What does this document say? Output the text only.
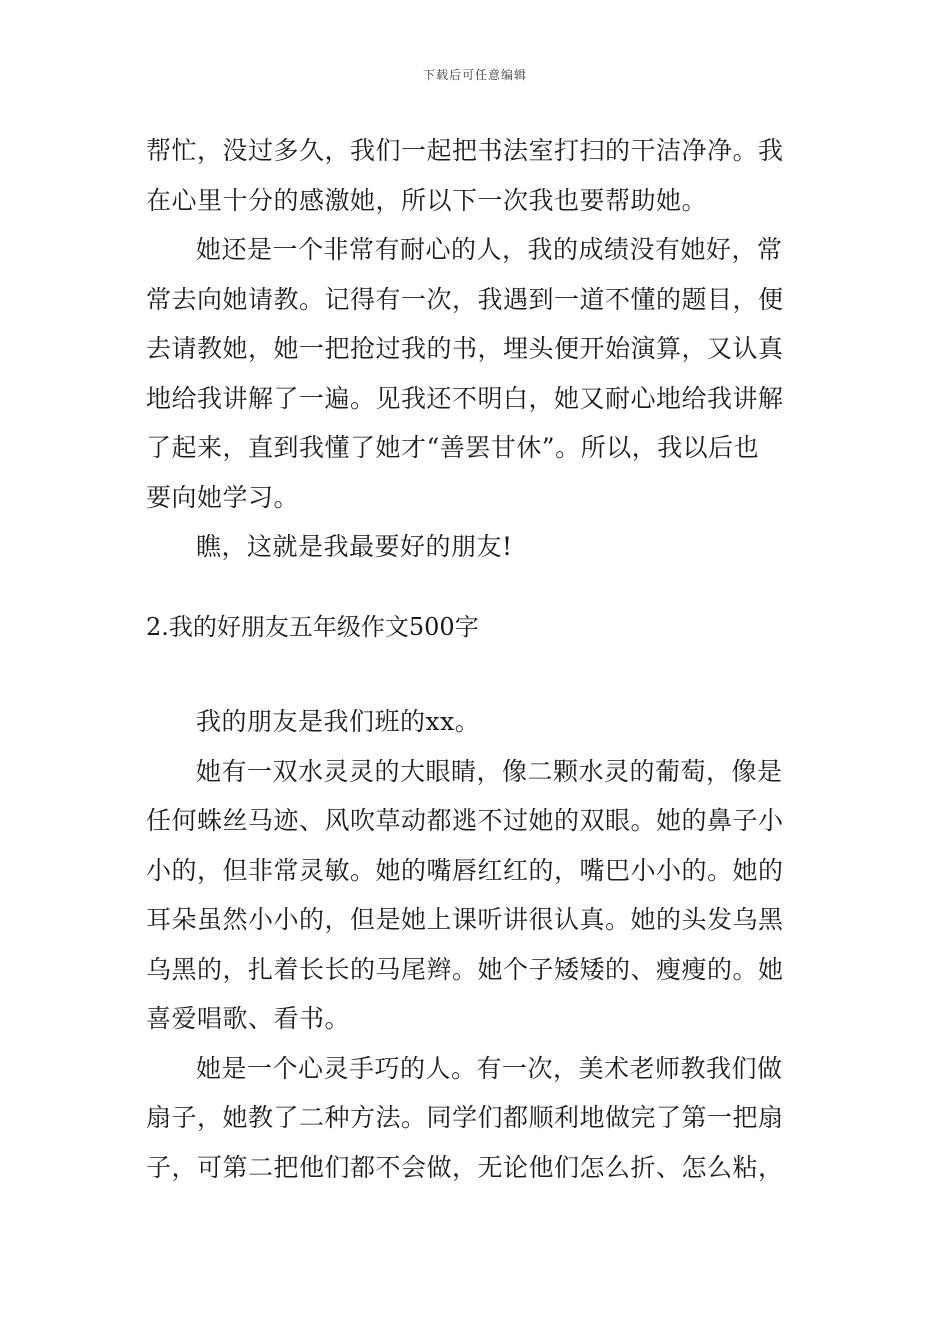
下载后可任意编辑
帮忙，没过多久，我们一起把书法室打扫的干洁净净。我
在心里十分的感激她，所以下一次我也要帮助她。
她还是一个非常有耐心的人，我的成绩没有她好，常
常去向她请教。记得有一次，我遇到一道不懂的题目，便
去请教她，她一把抢过我的书，埋头便开始演算，又认真
地给我讲解了一遍。见我还不明白，她又耐心地给我讲解
了起来，直到我懂了她才“善罢甘休”。所以，我以后也
要向她学习。
瞧，这就是我最要好的朋友!
2.我的好朋友五年级作文500字
我的朋友是我们班的xx。
她有一双水灵灵的大眼睛，像二颗水灵的葡萄，像是
任何蛛丝马迹、风吹草动都逃不过她的双眼。她的鼻子小
小的，但非常灵敏。她的嘴唇红红的，嘴巴小小的。她的
耳朵虽然小小的，但是她上课听讲很认真。她的头发乌黑
乌黑的，扎着长长的马尾辫。她个子矮矮的、瘦瘦的。她
喜爱唱歌、看书。
她是一个心灵手巧的人。有一次，美术老师教我们做
扇子，她教了二种方法。同学们都顺利地做完了第一把扇
子，可第二把他们都不会做，无论他们怎么折、怎么粘，
